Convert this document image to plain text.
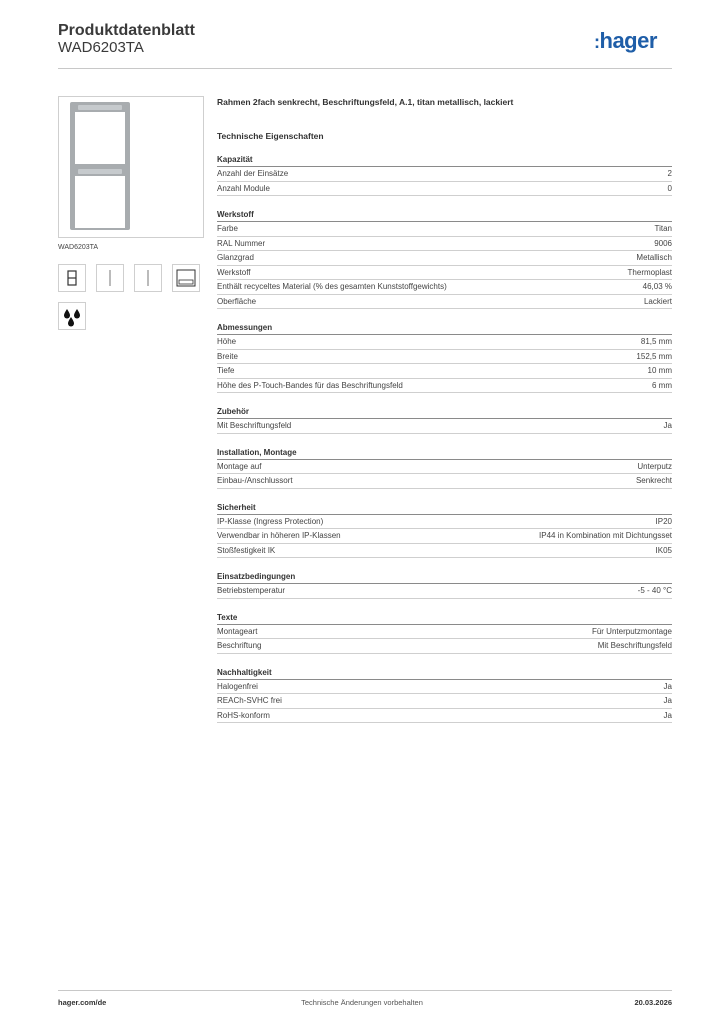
Produktdatenblatt
WAD6203TA	:hager
WAD6203TA
Rahmen 2fach senkrecht, Beschriftungsfeld, A.1, titan metallisch, lackiert
Technische Eigenschaften
Kapazität
Anzahl der Einsätze	2
Anzahl Module	0
Werkstoff
Farbe	Titan
RAL Nummer	9006
Glanzgrad	Metallisch
Werkstoff	Thermoplast
Enthält recyceltes Material (% des gesamten Kunststoffgewichts)	46,03 %
Oberfläche	Lackiert
Abmessungen
Höhe	81,5 mm
Breite	152,5 mm
Tiefe	10 mm
Höhe des P-Touch-Bandes für das Beschriftungsfeld	6 mm
Zubehör
Mit Beschriftungsfeld	Ja
Installation, Montage
Montage auf	Unterputz
Einbau-/Anschlussort	Senkrecht
Sicherheit
IP-Klasse (Ingress Protection)	IP20
Verwendbar in höheren IP-Klassen	IP44 in Kombination mit Dichtungsset
Stoßfestigkeit IK	IK05
Einsatzbedingungen
Betriebstemperatur	-5 - 40 °C
Texte
Montageart	Für Unterputzmontage
Beschriftung	Mit Beschriftungsfeld
Nachhaltigkeit
Halogenfrei	Ja
REACh-SVHC frei	Ja
RoHS-konform	Ja
hager.com/de	Technische Änderungen vorbehalten	20.03.2026
